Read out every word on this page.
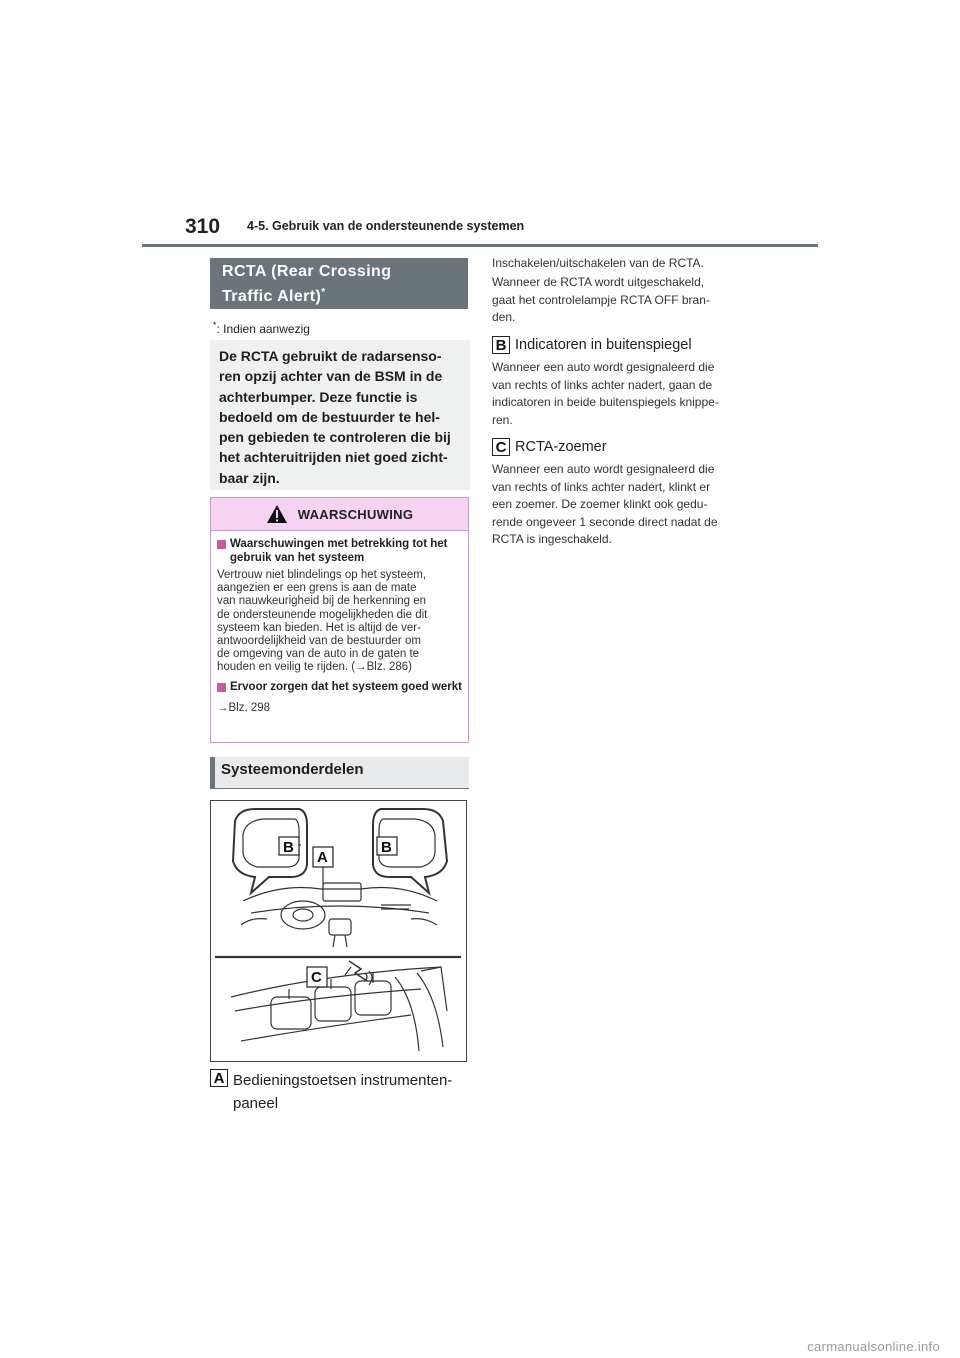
310 4-5. Gebruik van de ondersteunende systemen
RCTA (Rear Crossing
Traffic Alert)*
*: Indien aanwezig

De RCTA gebruikt de radarsenso-

ren opzij achter van de BSM in de

achterbumper. Deze functie is

bedoeld om de bestuurder te hel-

pen gebieden te controleren die bij

het achteruitrijden niet goed zicht-

baar zijn.

WAARSCHUWING
Waarschuwingen met betrekking tot het gebruik van het systeem
Vertrouw niet blindelings op het systeem,
aangezien er een grens is aan de mate
van nauwkeurigheid bij de herkenning en
de ondersteunende mogelijkheden die dit
systeem kan bieden. Het is altijd de ver-
antwoordelijkheid van de bestuurder om
de omgeving van de auto in de gaten te
houden en veilig te rijden. (→Blz. 286)
Ervoor zorgen dat het systeem goed werkt
→Blz. 298
Systeemonderdelen
B
A
B
C
A Bedieningstoetsen instrumenten-
paneel
Inschakelen/uitschakelen van de RCTA.
Wanneer de RCTA wordt uitgeschakeld,
gaat het controlelampje RCTA OFF bran-
den.
B Indicatoren in buitenspiegel
Wanneer een auto wordt gesignaleerd die
van rechts of links achter nadert, gaan de
indicatoren in beide buitenspiegels knippe-
ren.
C RCTA-zoemer
Wanneer een auto wordt gesignaleerd die
van rechts of links achter nadert, klinkt er
een zoemer. De zoemer klinkt ook gedu-
rende ongeveer 1 seconde direct nadat de
RCTA is ingeschakeld.
carmanualsonline.info
